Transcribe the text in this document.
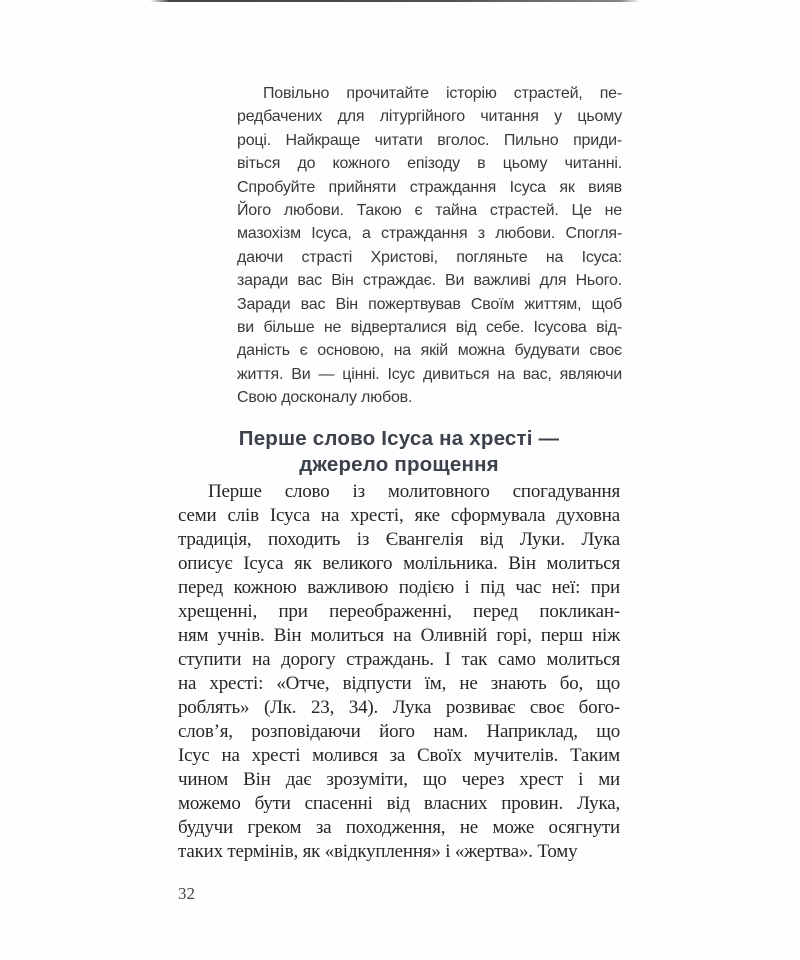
Повільно прочитайте історію страстей, пе-
редбачених для літургійного читання у цьому
році. Найкраще читати вголос. Пильно приди-
віться до кожного епізоду в цьому читанні.
Спробуйте прийняти страждання Ісуса як вияв
Його любови. Такою є тайна страстей. Це не
мазохізм Ісуса, а страждання з любови. Спогля-
даючи страсті Христові, погляньте на Ісуса:
заради вас Він страждає. Ви важливі для Нього.
Заради вас Він пожертвував Своїм життям, щоб
ви більше не відверталися від себе. Ісусова від-
даність є основою, на якій можна будувати своє
життя. Ви — цінні. Ісус дивиться на вас, являючи
Свою досконалу любов.
Перше слово Ісуса на хресті —
джерело прощення
Перше слово із молитовного спогадування
семи слів Ісуса на хресті, яке сформувала духовна
традиція, походить із Євангелія від Луки. Лука
описує Ісуса як великого молільника. Він молиться
перед кожною важливою подією і під час неї: при
хрещенні, при переображенні, перед покликан-
ням учнів. Він молиться на Оливній горі, перш ніж
ступити на дорогу страждань. І так само молиться
на хресті: «Отче, відпусти їм, не знають бо, що
роблять» (Лк. 23, 34). Лука розвиває своє бого-
слов’я, розповідаючи його нам. Наприклад, що
Ісус на хресті молився за Своїх мучителів. Таким
чином Він дає зрозуміти, що через хрест і ми
можемо бути спасенні від власних провин. Лука,
будучи греком за походження, не може осягнути
таких термінів, як «відкуплення» і «жертва». Тому
32
